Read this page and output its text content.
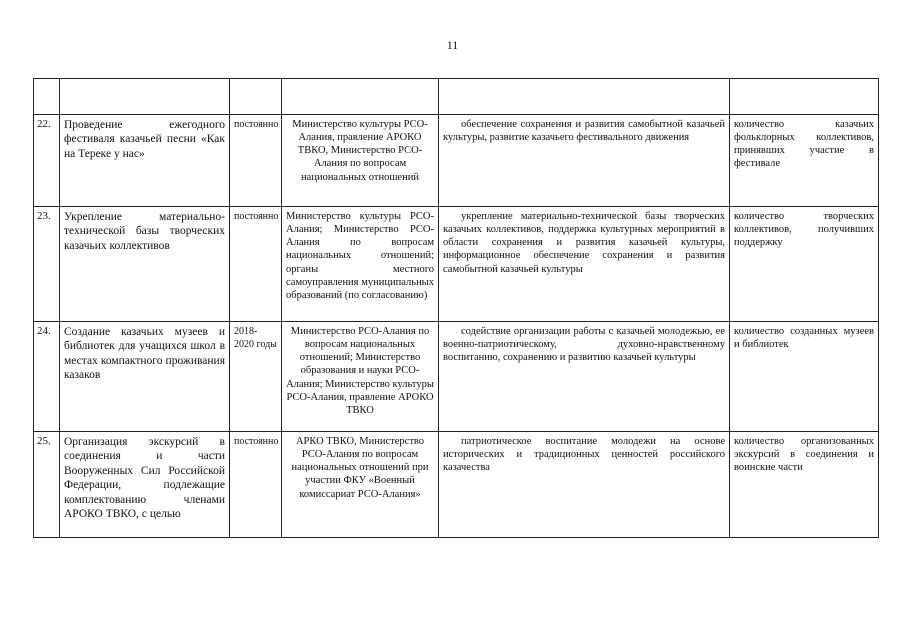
11

22.	Проведение ежегодного фестиваля казачьей песни «Как на Тереке у нас»	постоянно	Министерство культуры РСО-Алания, правление АРОКО ТВКО, Министерство РСО-Алания по вопросам национальных отношений	обеспечение сохранения и развития самобытной казачьей культуры, развитие казачьего фестивального движения	количество казачьих фольклорных коллективов, принявших участие в фестивале
23.	Укрепление материально-технической базы творческих казачьих коллективов	постоянно	Министерство культуры РСО-Алания; Министерство РСО-Алания по вопросам национальных отношений; органы местного самоуправления муниципальных образований (по согласованию)	укрепление материально-технической базы творческих казачьих коллективов, поддержка культурных мероприятий в области сохранения и развития казачьей культуры, информационное обеспечение сохранения и развития самобытной казачьей культуры	количество творческих коллективов, получивших поддержку
24.	Создание казачьих музеев и библиотек для учащихся школ в местах компактного проживания казаков	2018-2020 годы	Министерство РСО-Алания по вопросам национальных отношений; Министерство образования и науки РСО-Алания; Министерство культуры РСО-Алания, правление АРОКО ТВКО	содействие организации работы с казачьей молодежью, ее военно-патриотическому, духовно-нравственному воспитанию, сохранению и развитию казачьей культуры	количество созданных музеев и библиотек
25.	Организация экскурсий в соединения и части Вооруженных Сил Российской Федерации, подлежащие комплектованию членами АРОКО ТВКО, с целью	постоянно	АРКО ТВКО, Министерство РСО-Алания по вопросам национальных отношений при участии ФКУ «Военный комиссариат РСО-Алания»	патриотическое воспитание молодежи на основе исторических и традиционных ценностей российского казачества	количество организованных экскурсий в соединения и воинские части
